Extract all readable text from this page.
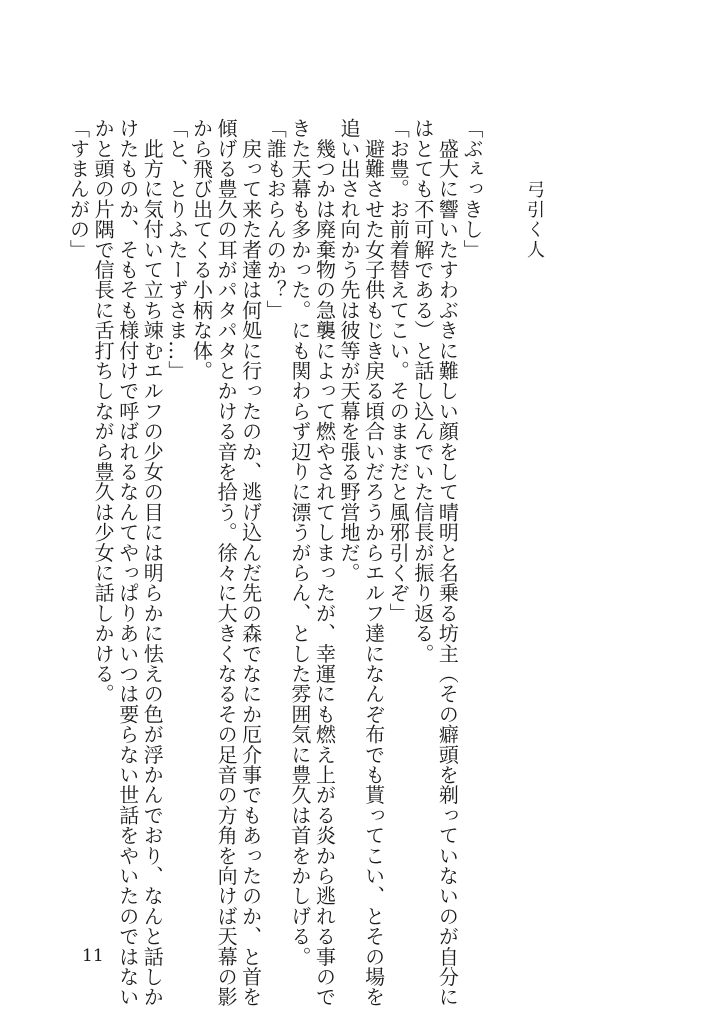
弓引く人
「ぶぇっきし」
　盛大に響いたすわぶきに難しい顔をして晴明と名乗る坊主（その癖頭を剃っていないのが自分に
はとても不可解である）と話し込んでいた信長が振り返る。
「お豊。お前着替えてこい。そのままだと風邪引くぞ」
　避難させた女子供もじき戻る頃合いだろうからエルフ達になんぞ布でも貰ってこい、とその場を
追い出され向かう先は彼等が天幕を張る野営地だ。
　幾つかは廃棄物の急襲によって燃やされてしまったが、幸運にも燃え上がる炎から逃れる事ので
きた天幕も多かった。にも関わらず辺りに漂うがらん、とした雰囲気に豊久は首をかしげる。
「誰もおらんのか？」
　戻って来た者達は何処に行ったのか、逃げ込んだ先の森でなにか厄介事でもあったのか、と首を
傾げる豊久の耳がパタパタとかける音を拾う。徐々に大きくなるその足音の方角を向けば天幕の影
から飛び出てくる小柄な体。
「と、とりふたーずさま…」
　此方に気付いて立ち竦むエルフの少女の目には明らかに怯えの色が浮かんでおり、なんと話しか
けたものか、そもそも様付けで呼ばれるなんてやっぱりあいつは要らない世話をやいたのではない
かと頭の片隅で信長に舌打ちしながら豊久は少女に話しかける。
「すまんがの」
11
